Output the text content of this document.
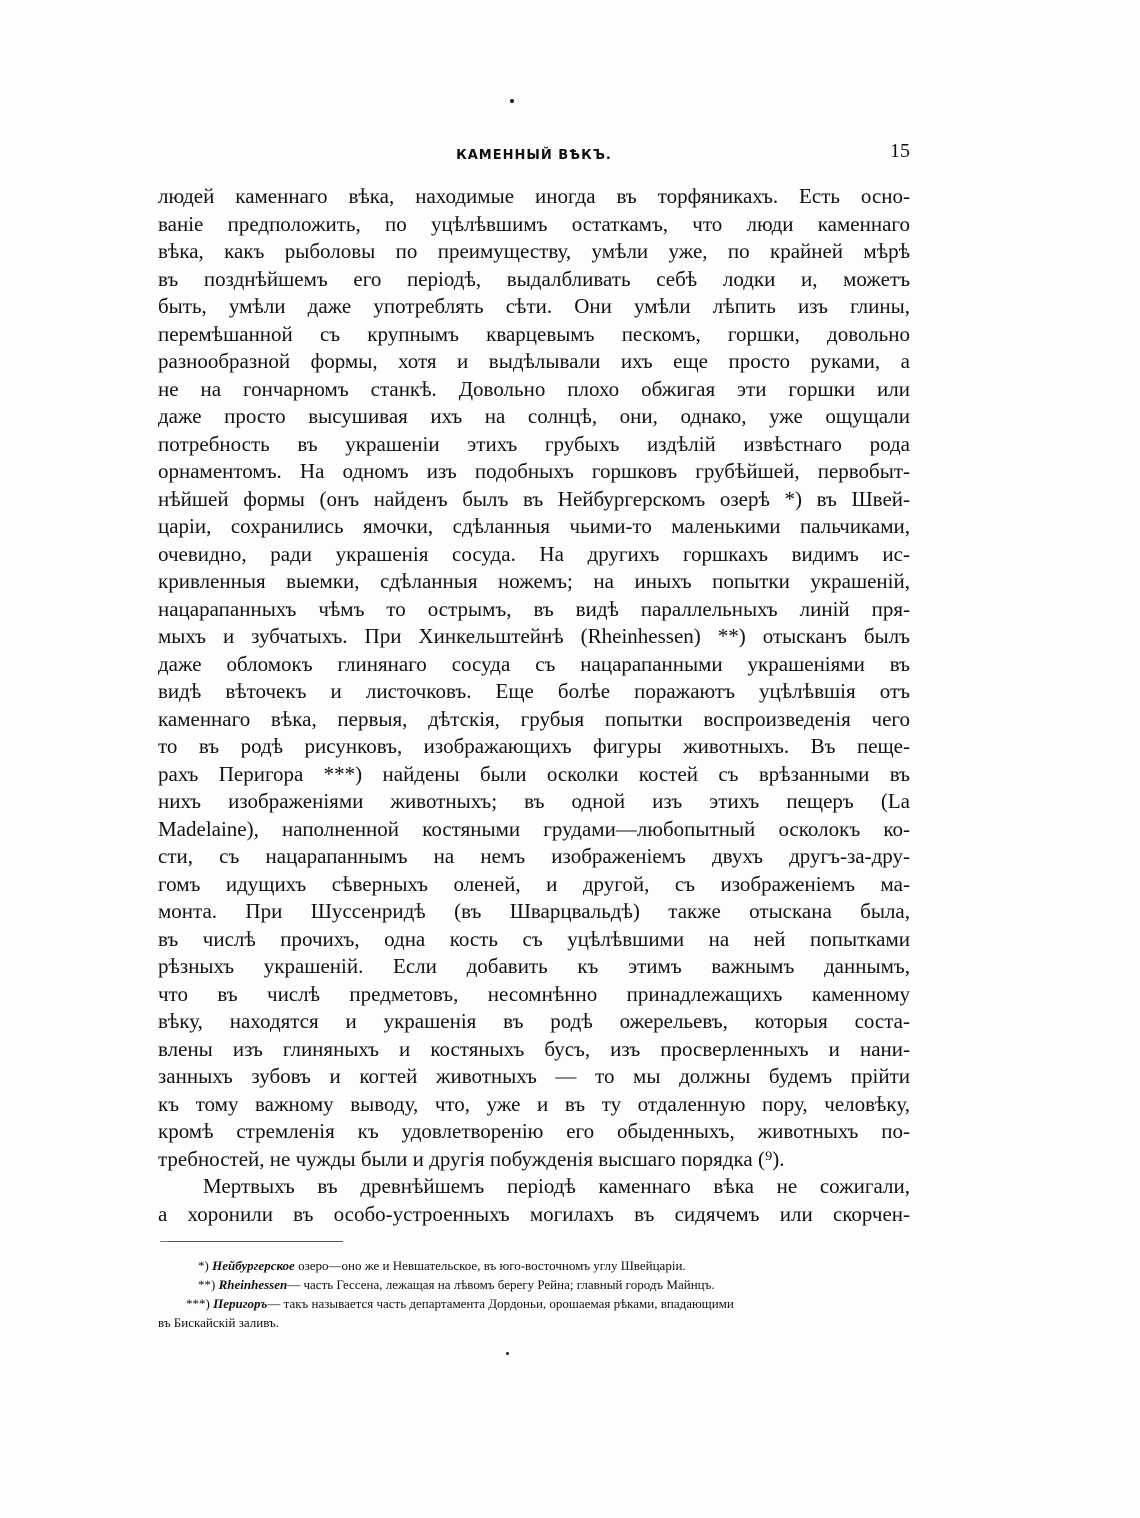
КАМЕННЫЙ ВѢКЪ.	15
людей каменнаго вѣка, находимые иногда въ торфяникахъ. Есть осно-
ваніе предположить, по уцѣлѣвшимъ остаткамъ, что люди каменнаго
вѣка, какъ рыболовы по преимуществу, умѣли уже, по крайней мѣрѣ
въ позднѣйшемъ его періодѣ, выдалбливать себѣ лодки и, можетъ
быть, умѣли даже употреблять сѣти. Они умѣли лѣпить изъ глины,
перемѣшанной съ крупнымъ кварцевымъ пескомъ, горшки, довольно
разнообразной формы, хотя и выдѣлывали ихъ еще просто руками, а
не на гончарномъ станкѣ. Довольно плохо обжигая эти горшки или
даже просто высушивая ихъ на солнцѣ, они, однако, уже ощущали
потребность въ украшеніи этихъ грубыхъ издѣлій извѣстнаго рода
орнаментомъ. На одномъ изъ подобныхъ горшковъ грубѣйшей, первобыт-
нѣйшей формы (онъ найденъ былъ въ Нейбургерскомъ озерѣ *) въ Швей-
царіи, сохранились ямочки, сдѣланныя чьими-то маленькими пальчиками,
очевидно, ради украшенія сосуда. На другихъ горшкахъ видимъ ис-
кривленныя выемки, сдѣланныя ножемъ; на иныхъ попытки украшеній,
нацарапанныхъ чѣмъ то острымъ, въ видѣ параллельныхъ линій пря-
мыхъ и зубчатыхъ. При Хинкельштейнѣ (Rheinhessen) **) отысканъ былъ
даже обломокъ глинянаго сосуда съ нацарапанными украшеніями въ
видѣ вѣточекъ и листочковъ. Еще болѣе поражаютъ уцѣлѣвшія отъ
каменнаго вѣка, первыя, дѣтскія, грубыя попытки воспроизведенія чего
то въ родѣ рисунковъ, изображающихъ фигуры животныхъ. Въ пеще-
рахъ Перигора ***) найдены были осколки костей съ врѣзанными въ
нихъ изображеніями животныхъ; въ одной изъ этихъ пещеръ (La
Madelaine), наполненной костяными грудами—любопытный осколокъ ко-
сти, съ нацарапаннымъ на немъ изображеніемъ двухъ другъ-за-дру-
гомъ идущихъ сѣверныхъ оленей, и другой, съ изображеніемъ ма-
монта. При Шуссенридѣ (въ Шварцвальдѣ) также отыскана была,
въ числѣ прочихъ, одна кость съ уцѣлѣвшими на ней попытками
рѣзныхъ украшеній. Если добавить къ этимъ важнымъ даннымъ,
что въ числѣ предметовъ, несомнѣнно принадлежащихъ каменному
вѣку, находятся и украшенія въ родѣ ожерельевъ, которыя соста-
влены изъ глиняныхъ и костяныхъ бусъ, изъ просверленныхъ и нани-
занныхъ зубовъ и когтей животныхъ — то мы должны будемъ прійти
къ тому важному выводу, что, уже и въ ту отдаленную пору, человѣку,
кромѣ стремленія къ удовлетворенію его обыденныхъ, животныхъ по-
требностей, не чужды были и другія побужденія высшаго порядка (⁹).
Мертвыхъ въ древнѣйшемъ періодѣ каменнаго вѣка не сожигали,
а хоронили въ особо-устроенныхъ могилахъ въ сидячемъ или скорчен-
*) Нейбургерское озеро—оно же и Невшательское, въ юго-восточномъ углу Швейцаріи.
**) Rheinhessen— часть Гессена, лежащая на лѣвомъ берегу Рейна; главный городъ Майнцъ.
***) Перигоръ— такъ называется часть департамента Дордоньи, орошаемая рѣками, впадающими
въ Бискайскій заливъ.
